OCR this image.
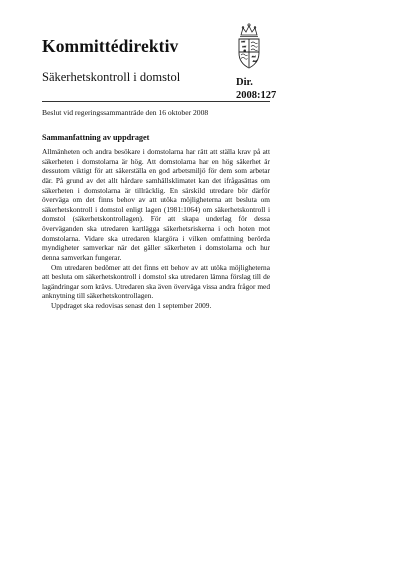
Kommittédirektiv
Säkerhetskontroll i domstol	Dir.
2008:127
Beslut vid regeringssammanträde den 16 oktober 2008
Sammanfattning av uppdraget

Allmänheten och andra besökare i domstolarna har rätt att ställa krav på att säkerheten i domstolarna är hög. Att domstolarna har en hög säkerhet är dessutom viktigt för att säkerställa en god arbetsmiljö för dem som arbetar där. På grund av det allt hårdare samhällsklimatet kan det ifrågasättas om säkerheten i domstolarna är tillräcklig. En särskild utredare bör därför överväga om det finns behov av att utöka möjligheterna att besluta om säkerhetskontroll i domstol enligt lagen (1981:1064) om säkerhetskontroll i domstol (säkerhetskontrollagen). För att skapa underlag för dessa överväganden ska utredaren kartlägga säkerhetsriskerna i och hoten mot domstolarna. Vidare ska utredaren klargöra i vilken omfattning berörda myndigheter samverkar när det gäller säkerheten i domstolarna och hur denna samverkan fungerar.

Om utredaren bedömer att det finns ett behov av att utöka möjligheterna att besluta om säkerhetskontroll i domstol ska utredaren lämna förslag till de lagändringar som krävs. Utredaren ska även överväga vissa andra frågor med anknytning till säkerhetskontrollagen.

Uppdraget ska redovisas senast den 1 september 2009.
